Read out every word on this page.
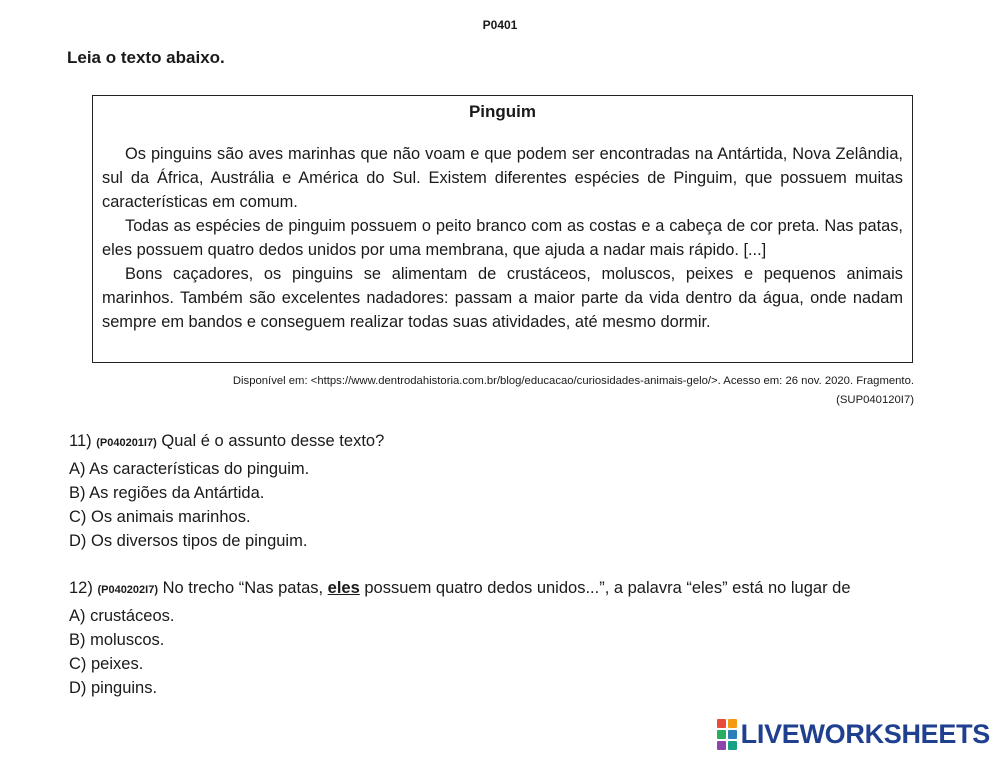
P0401
Leia o texto abaixo.
Pinguim

Os pinguins são aves marinhas que não voam e que podem ser encontradas na Antártida, Nova Zelândia, sul da África, Austrália e América do Sul. Existem diferentes espécies de Pinguim, que possuem muitas características em comum.

Todas as espécies de pinguim possuem o peito branco com as costas e a cabeça de cor preta. Nas patas, eles possuem quatro dedos unidos por uma membrana, que ajuda a nadar mais rápido. [...]

Bons caçadores, os pinguins se alimentam de crustáceos, moluscos, peixes e pequenos animais marinhos. Também são excelentes nadadores: passam a maior parte da vida dentro da água, onde nadam sempre em bandos e conseguem realizar todas suas atividades, até mesmo dormir.

Disponível em: <https://www.dentrodahistoria.com.br/blog/educacao/curiosidades-animais-gelo/>. Acesso em: 26 nov. 2020. Fragmento.
(SUP040120I7)
11) (P040201I7) Qual é o assunto desse texto?
A) As características do pinguim.
B) As regiões da Antártida.
C) Os animais marinhos.
D) Os diversos tipos de pinguim.
12) (P040202I7) No trecho “Nas patas, eles possuem quatro dedos unidos...”, a palavra “eles” está no lugar de
A) crustáceos.
B) moluscos.
C) peixes.
D) pinguins.
LIVEWORKSHEETS
